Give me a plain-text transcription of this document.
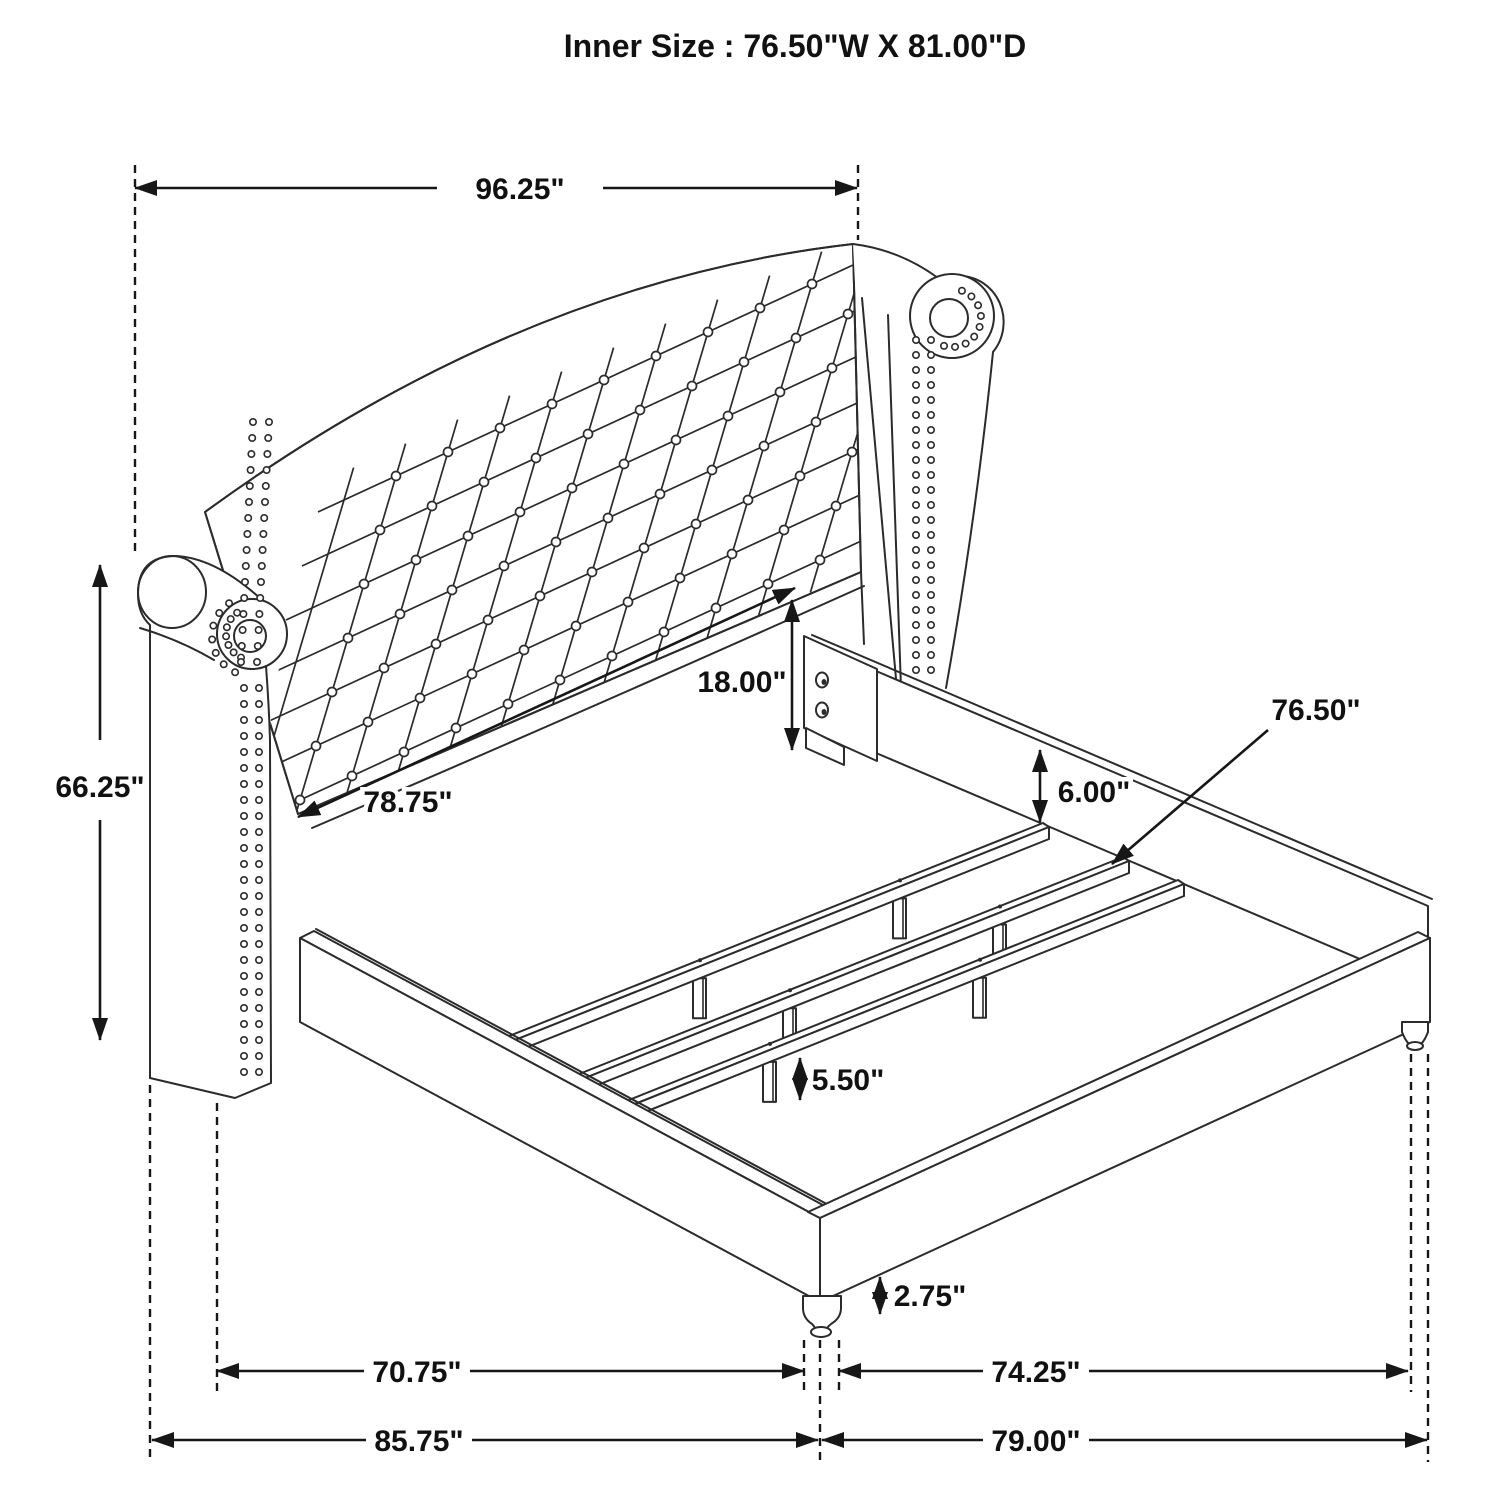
96.25"
66.25"	78.75"
18.00"
6.00"
76.50"
5.50"
2.75"
70.75"	74.25"
85.75"	79.00"
Inner Size : 76.50"W X 81.00"D
